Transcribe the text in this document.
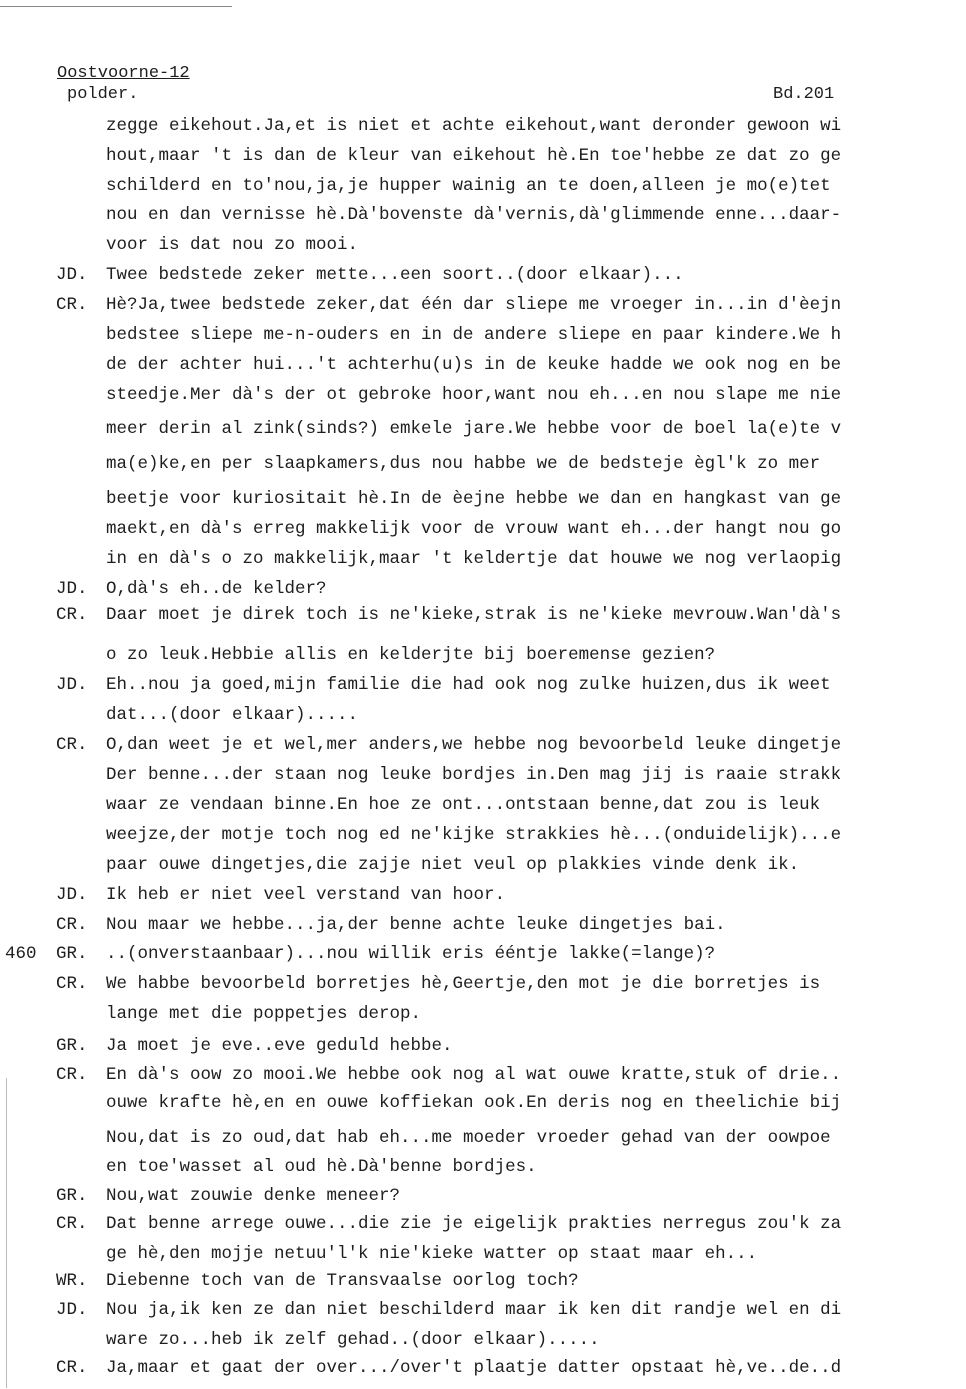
Oostvoorne-12
polder.	Bd.201
zegge eikehout.Ja,et is niet et achte eikehout,want deronder gewoon wi
hout,maar 't is dan de kleur van eikehout hè.En toe'hebbe ze dat zo ge
schilderd en to'nou,ja,je hupper wainig an te doen,alleen je mo(e)tet
nou en dan vernisse hè.Dà'bovenste dà'vernis,dà'glimmende enne...daar-
voor is dat nou zo mooi.
JD. Twee bedstede zeker mette...een soort..(door elkaar)...
CR. Hè?Ja,twee bedstede zeker,dat één dar sliepe me vroeger in...in d'èejn
bedstee sliepe me-n-ouders en in de andere sliepe en paar kindere.We h
de der achter hui...'t achterhu(u)s in de keuke hadde we ook nog en be
steedje.Mer dà's der ot gebroke hoor,want nou eh...en nou slape me nie
meer derin al zink(sinds?) emkele jare.We hebbe voor de boel la(e)te v
ma(e)ke,en per slaapkamers,dus nou habbe we de bedsteje ègl'k zo mer
beetje voor kuriositait hè.In de èejne hebbe we dan en hangkast van ge
maekt,en dà's erreg makkelijk voor de vrouw want eh...der hangt nou go
in en dà's o zo makkelijk,maar 't keldertje dat houwe we nog verlaopig
JD. O,dà's eh..de kelder?
CR. Daar moet je direk toch is ne'kieke,strak is ne'kieke mevrouw.Wan'dà's
o zo leuk.Hebbie allis en kelderjte bij boeremense gezien?
JD. Eh..nou ja goed,mijn familie die had ook nog zulke huizen,dus ik weet
dat...(door elkaar).....
CR. O,dan weet je et wel,mer anders,we hebbe nog bevoorbeld leuke dingetje
Der benne...der staan nog leuke bordjes in.Den mag jij is raaie strakk
waar ze vendaan binne.En hoe ze ont...ontstaan benne,dat zou is leuk
weejze,der motje toch nog ed ne'kijke strakkies hè...(onduidelijk)...e
paar ouwe dingetjes,die zajje niet veul op plakkies vinde denk ik.
JD. Ik heb er niet veel verstand van hoor.
CR. Nou maar we hebbe...ja,der benne achte leuke dingetjes bai.
460 GR. ..(onverstaanbaar)...nou willik eris ééntje lakke(=lange)?
CR. We habbe bevoorbeld borretjes hè,Geertje,den mot je die borretjes is
lange met die poppetjes derop.
GR. Ja moet je eve..eve geduld hebbe.
CR. En dà's oow zo mooi.We hebbe ook nog al wat ouwe kratte,stuk of drie..
ouwe krafte hè,en en ouwe koffiekan ook.En deris nog en theelichie bij
Nou,dat is zo oud,dat hab eh...me moeder vroeder gehad van der oowpoe
en toe'wasset al oud hè.Dà'benne bordjes.
GR. Nou,wat zouwie denke meneer?
CR. Dat benne arrege ouwe...die zie je eigelijk prakties nerregus zou'k za
ge hè,den mojje netuu'l'k nie'kieke watter op staat maar eh...
WR. Diebenne toch van de Transvaalse oorlog toch?
JD. Nou ja,ik ken ze dan niet beschilderd maar ik ken dit randje wel en di
ware zo...heb ik zelf gehad..(door elkaar).....
CR. Ja,maar et gaat der over.../over't plaatje datter opstaat hè,ve..de..d
